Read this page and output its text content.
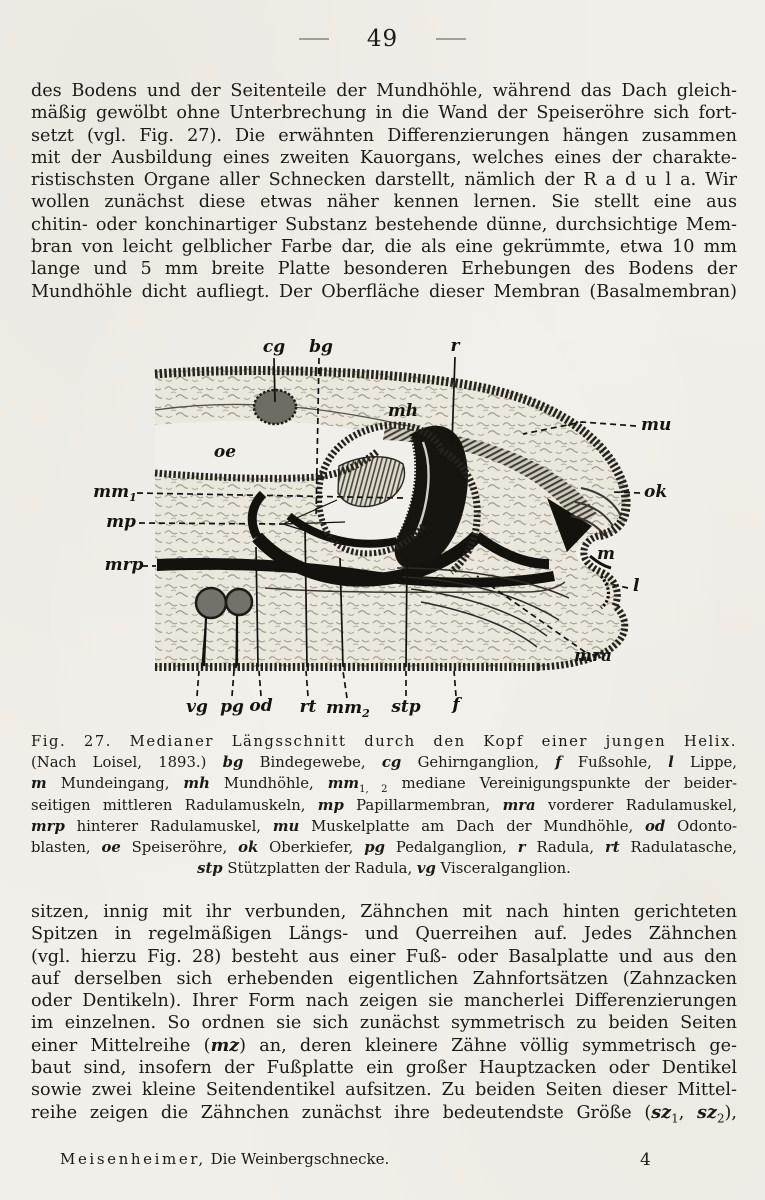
49
des Bodens und der Seitenteile der Mundhöhle, während das Dach gleich-
mäßig gewölbt ohne Unterbrechung in die Wand der Speiseröhre sich fort-
setzt (vgl. Fig. 27). Die erwähnten Differenzierungen hängen zusammen
mit der Ausbildung eines zweiten Kauorgans, welches eines der charakte-
ristischsten Organe aller Schnecken darstellt, nämlich der R a d u l a. Wir
wollen zunächst diese etwas näher kennen lernen. Sie stellt eine aus
chitin- oder konchinartiger Substanz bestehende dünne, durchsichtige Mem-
bran von leicht gelblicher Farbe dar, die als eine gekrümmte, etwa 10 mm
lange und 5 mm breite Platte besonderen Erhebungen des Bodens der
Mundhöhle dicht aufliegt. Der Oberfläche dieser Membran (Basalmembran)
cg bg	r
mh
mu
ok
m
l
mra
oe
$mm_1$
mp
mrp
vg pg od rt $mm_2$ stp f
Fig. 27. Medianer Längsschnitt durch den Kopf einer jungen Helix.
(Nach Loisel, 1893.) bg Bindegewebe, cg Gehirnganglion, f Fußsohle, l Lippe,
m Mundeingang, mh Mundhöhle, $mm_{1, 2}$ mediane Vereinigungspunkte der beider-
seitigen mittleren Radulamuskeln, mp Papillarmembran, mra vorderer Radulamuskel,
mrp hinterer Radulamuskel, mu Muskelplatte am Dach der Mundhöhle, od Odonto-
blasten, oe Speiseröhre, ok Oberkiefer, pg Pedalganglion, r Radula, rt Radulatasche,
stp Stützplatten der Radula, vg Visceralganglion.
sitzen, innig mit ihr verbunden, Zähnchen mit nach hinten gerichteten
Spitzen in regelmäßigen Längs- und Querreihen auf. Jedes Zähnchen
(vgl. hierzu Fig. 28) besteht aus einer Fuß- oder Basalplatte und aus den
auf derselben sich erhebenden eigentlichen Zahnfortsätzen (Zahnzacken
oder Dentikeln). Ihrer Form nach zeigen sie mancherlei Differenzierungen
im einzelnen. So ordnen sie sich zunächst symmetrisch zu beiden Seiten
einer Mittelreihe (mz) an, deren kleinere Zähne völlig symmetrisch ge-
baut sind, insofern der Fußplatte ein großer Hauptzacken oder Dentikel
sowie zwei kleine Seitendentikel aufsitzen. Zu beiden Seiten dieser Mittel-
reihe zeigen die Zähnchen zunächst ihre bedeutendste Größe ($sz_1$, $sz_2$),
Meisenheimer, Die Weinbergschnecke.	4
